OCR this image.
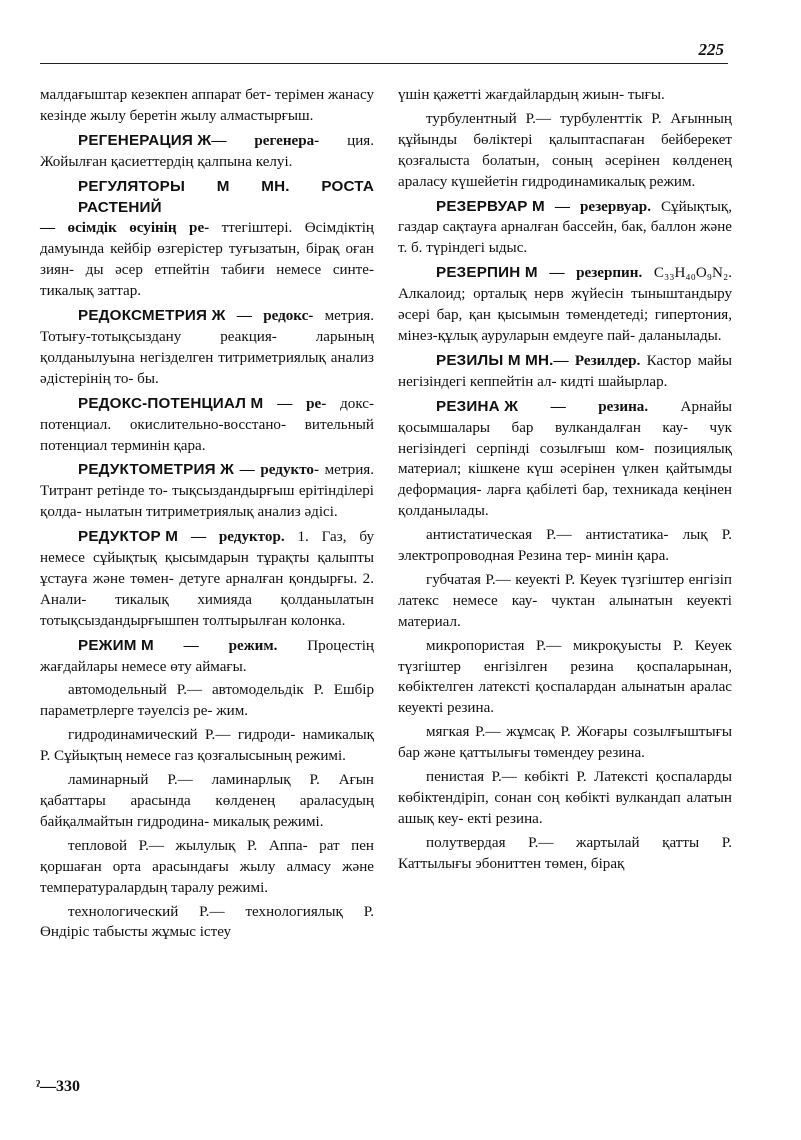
225

малдағыштар кезекпен аппарат бет- терімен жанасу кезінде жылу беретін жылу алмастырғыш.

РЕГЕНЕРАЦИЯ Ж— регенера- ция. Жойылған қасиеттердің қалпына келуі.

РЕГУЛЯТОРЫ М МН. РОСТА РАСТЕНИЙ — өсімдік өсуінің ре- ттегіштері. Өсімдіктің дамуында кейбір өзгерістер туғызатын, бірақ оған зиян- ды әсер етпейтін табиғи немесе синте- тикалық заттар.

РЕДОКСМЕТРИЯ Ж — редокс- метрия. Тотығу-тотықсыздану реакция- ларының қолданылуына негізделген титриметриялық анализ әдістерінің то- бы.

РЕДОКС-ПОТЕНЦИАЛ М — ре- докс-потенциал. окислительно-восстано- вительный потенциал терминін қара.

РЕДУКТОМЕТРИЯ Ж — редукто- метрия. Титрант ретінде то- тықсыздандырғыш ерітінділері қолда- нылатын титриметриялық анализ әдісі.

РЕДУКТОР М — редуктор. 1. Газ, бу немесе сұйықтық қысымдарын тұрақты қалыпты ұстауға және төмен- детуге арналған қондырғы. 2. Анали- тикалық химияда қолданылатын тотықсыздандырғышпен толтырылған колонка.

РЕЖИМ М — режим. Процестің жағдайлары немесе өту аймағы.

автомодельный Р.— автомодельдік Р. Ешбір параметрлерге тәуелсіз ре- жим.

гидродинамический Р.— гидроди- намикалық Р. Сұйықтың немесе газ қозғалысының режимі.

ламинарный Р.— ламинарлық Р. Ағын қабаттары арасында көлденең араласудың байқалмайтын гидродина- микалық режимі.

тепловой Р.— жылулық Р. Аппа- рат пен қоршаған орта арасындағы жылу алмасу және температуралардың таралу режимі.

технологический Р.— технологиялық Р. Өндіріс табысты жұмыс істеу

үшін қажетті жағдайлардың жиын- тығы.

турбулентный Р.— турбуленттік Р. Ағынның құйынды бөліктері қалыптаспаған бейберекет қозғалыста болатын, соның әсерінен көлденең араласу күшейетін гидродинамикалық режим.

РЕЗЕРВУАР М — резервуар. Сұйықтық, газдар сақтауға арналған бассейн, бак, баллон және т. б. түріндегі ыдыс.

РЕЗЕРПИН М — резерпин. C₃₃H₄₀O₉N₂. Алкалоид; орталық нерв жүйесін тыныштандыру әсері бар, қан қысымын төмендетеді; гипертония, мінез-құлық ауруларын емдеуге пай- даланылады.

РЕЗИЛЫ М МН.— Резилдер. Кастор майы негізіндегі кеппейтін ал- кидті шайырлар.

РЕЗИНА Ж — резина. Арнайы қосымшалары бар вулкандалған кау- чук негізіндегі серпінді созылғыш ком- позициялық материал; кішкене күш әсерінен үлкен қайтымды деформация- ларға қабілеті бар, техникада кеңінен қолданылады.

антистатическая Р.— антистатика- лық Р. электропроводная Резина тер- минін қара.

губчатая Р.— кеуекті Р. Кеуек түзгіштер енгізіп латекс немесе кау- чуктан алынатын кеуекті материал.

микропористая Р.— микроқуысты Р. Кеуек түзгіштер енгізілген резина қоспаларынан, көбіктелген латексті қоспалардан алынатын аралас кеуекті резина.

мягкая Р.— жұмсақ Р. Жоғары созылғыштығы бар және қаттылығы төмендеу резина.

пенистая Р.— көбікті Р. Латексті қоспаларды көбіктендіріп, сонан соң көбікті вулкандап алатын ашық кеу- екті резина.

полутвердая Р.— жартылай қатты Р. Каттылығы эбониттен төмен, бірақ

ˀ—330
